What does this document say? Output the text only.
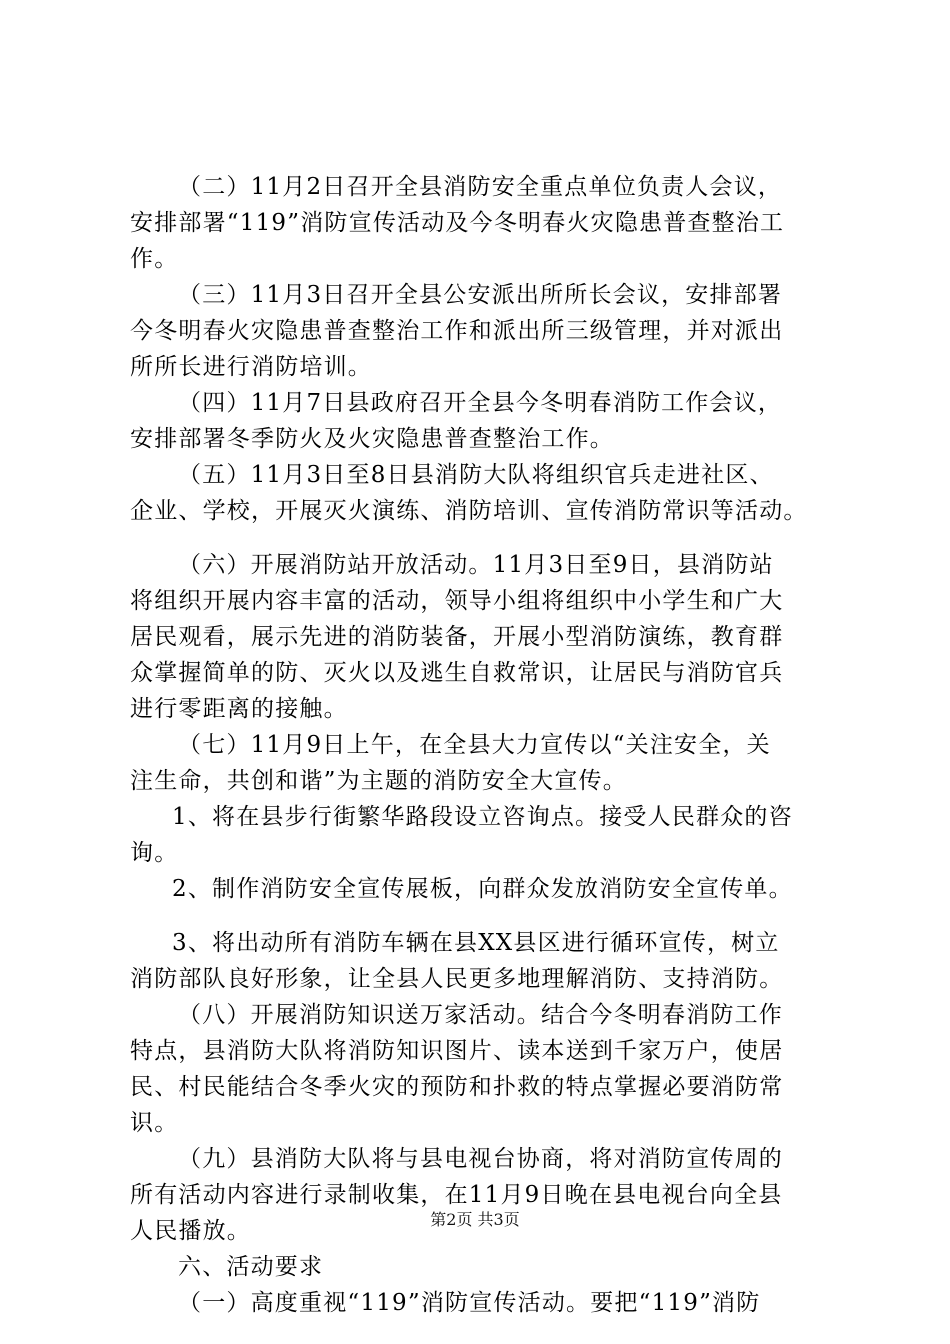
（二）11月2日召开全县消防安全重点单位负责人会议，
安排部署“119”消防宣传活动及今冬明春火灾隐患普查整治工
作。
（三）11月3日召开全县公安派出所所长会议，安排部署
今冬明春火灾隐患普查整治工作和派出所三级管理，并对派出
所所长进行消防培训。
（四）11月7日县政府召开全县今冬明春消防工作会议，
安排部署冬季防火及火灾隐患普查整治工作。
（五）11月3日至8日县消防大队将组织官兵走进社区、
企业、学校，开展灭火演练、消防培训、宣传消防常识等活动。
（六）开展消防站开放活动。11月3日至9日，县消防站
将组织开展内容丰富的活动，领导小组将组织中小学生和广大
居民观看，展示先进的消防装备，开展小型消防演练，教育群
众掌握简单的防、灭火以及逃生自救常识，让居民与消防官兵
进行零距离的接触。
（七）11月9日上午，在全县大力宣传以“关注安全，关
注生命，共创和谐”为主题的消防安全大宣传。
1、将在县步行街繁华路段设立咨询点。接受人民群众的咨
询。
2、制作消防安全宣传展板，向群众发放消防安全宣传单。
3、将出动所有消防车辆在县XX县区进行循环宣传，树立
消防部队良好形象，让全县人民更多地理解消防、支持消防。
（八）开展消防知识送万家活动。结合今冬明春消防工作
特点，县消防大队将消防知识图片、读本送到千家万户，使居
民、村民能结合冬季火灾的预防和扑救的特点掌握必要消防常
识。
（九）县消防大队将与县电视台协商，将对消防宣传周的
所有活动内容进行录制收集，在11月9日晚在县电视台向全县
人民播放。
六、活动要求
（一）高度重视“119”消防宣传活动。要把“119”消防
第2页 共3页
